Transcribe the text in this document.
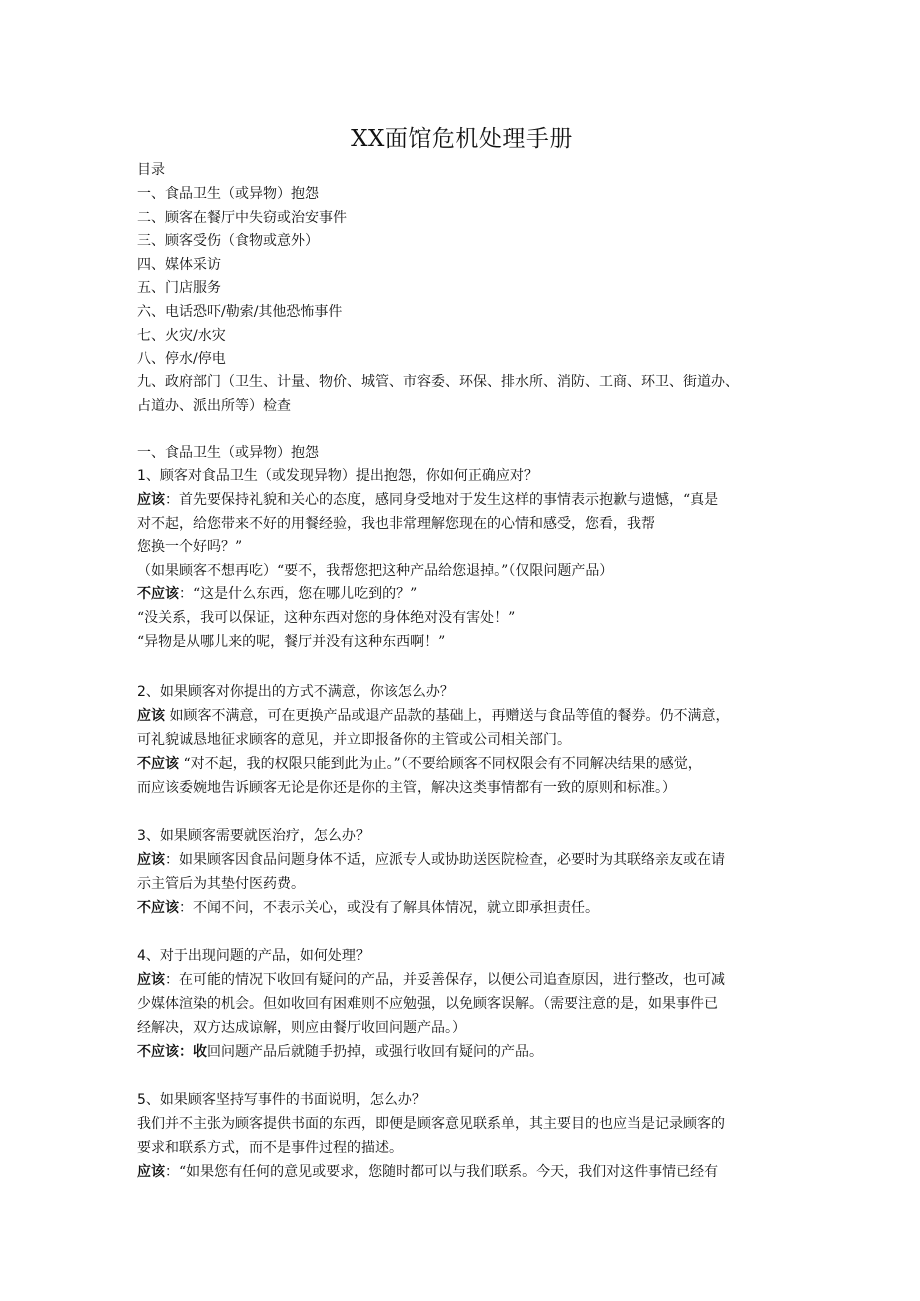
XX面馆危机处理手册
目录
一、食品卫生（或异物）抱怨
二、顾客在餐厅中失窃或治安事件
三、顾客受伤（食物或意外）
四、媒体采访
五、门店服务
六、电话恐吓/勒索/其他恐怖事件
七、火灾/水灾
八、停水/停电
九、政府部门（卫生、计量、物价、城管、市容委、环保、排水所、消防、工商、环卫、街道办、
占道办、派出所等）检查
一、食品卫生（或异物）抱怨
1、顾客对食品卫生（或发现异物）提出抱怨，你如何正确应对？
应该：首先要保持礼貌和关心的态度，感同身受地对于发生这样的事情表示抱歉与遗憾，“真是
对不起，给您带来不好的用餐经验，我也非常理解您现在的心情和感受，您看，我帮
您换一个好吗？”
（如果顾客不想再吃）“要不，我帮您把这种产品给您退掉。”（仅限问题产品）
不应该：“这是什么东西，您在哪儿吃到的？”
“没关系，我可以保证，这种东西对您的身体绝对没有害处！”
“异物是从哪儿来的呢，餐厅并没有这种东西啊！”
2、如果顾客对你提出的方式不满意，你该怎么办？
应该 如顾客不满意，可在更换产品或退产品款的基础上，再赠送与食品等值的餐券。仍不满意，
可礼貌诚恳地征求顾客的意见，并立即报备你的主管或公司相关部门。
不应该 “对不起，我的权限只能到此为止。”（不要给顾客不同权限会有不同解决结果的感觉，
而应该委婉地告诉顾客无论是你还是你的主管，解决这类事情都有一致的原则和标准。）
3、如果顾客需要就医治疗，怎么办？
应该：如果顾客因食品问题身体不适，应派专人或协助送医院检查，必要时为其联络亲友或在请
示主管后为其垫付医药费。
不应该：不闻不问，不表示关心，或没有了解具体情况，就立即承担责任。
4、对于出现问题的产品，如何处理？
应该：在可能的情况下收回有疑问的产品，并妥善保存，以便公司追查原因，进行整改，也可减
少媒体渲染的机会。但如收回有困难则不应勉强，以免顾客误解。（需要注意的是，如果事件已
经解决，双方达成谅解，则应由餐厅收回问题产品。）
不应该：收回问题产品后就随手扔掉，或强行收回有疑问的产品。
5、如果顾客坚持写事件的书面说明，怎么办？
我们并不主张为顾客提供书面的东西，即便是顾客意见联系单，其主要目的也应当是记录顾客的
要求和联系方式，而不是事件过程的描述。
应该：“如果您有任何的意见或要求，您随时都可以与我们联系。今天，我们对这件事情已经有
